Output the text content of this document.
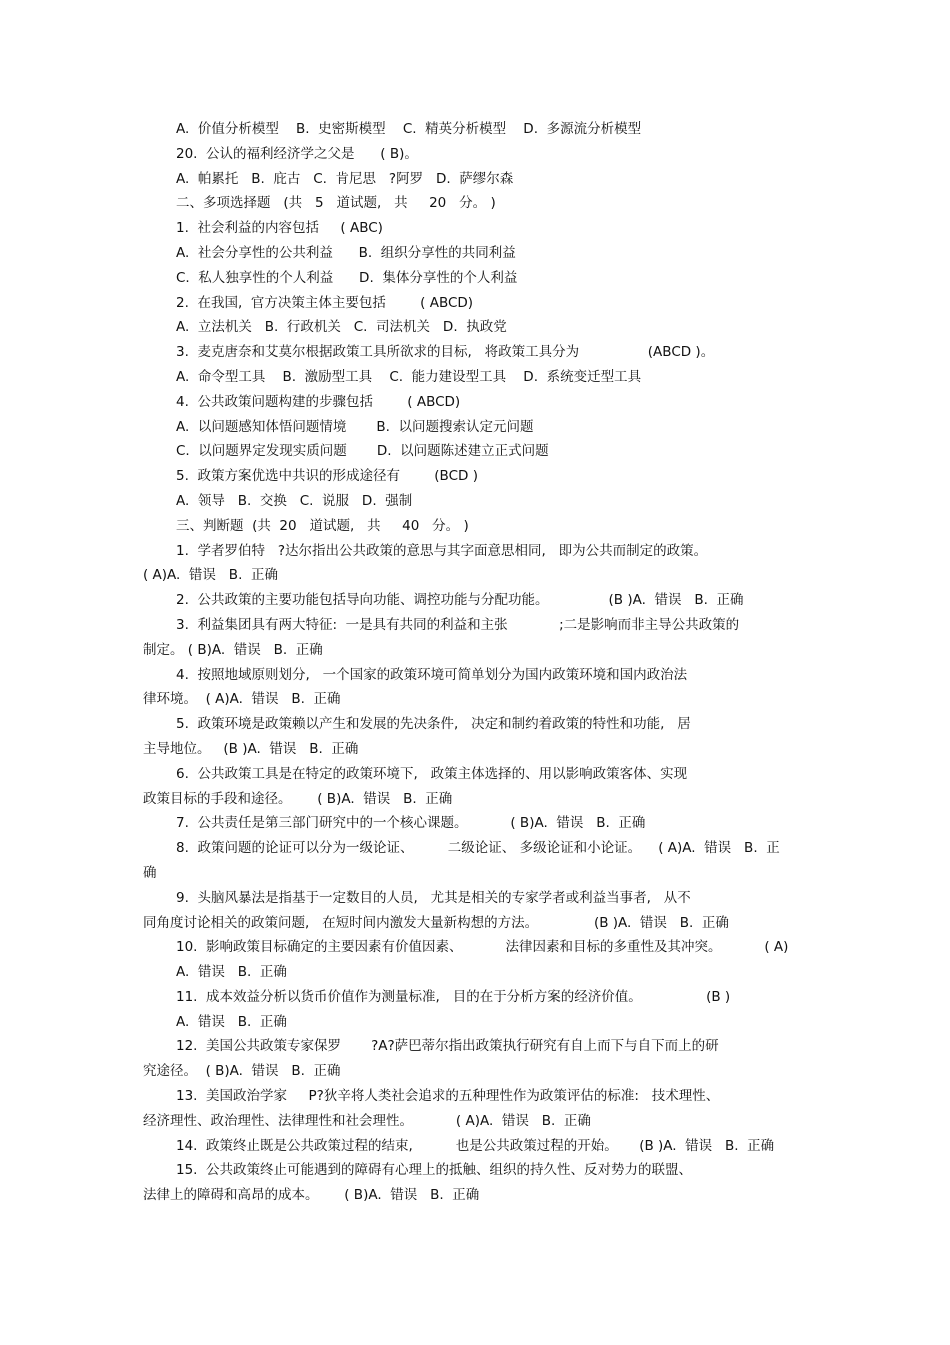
A.  价值分析模型    B.  史密斯模型    C.  精英分析模型    D.  多源流分析模型
20.  公认的福利经济学之父是      ( B)。
A.  帕累托   B.  庇古   C.  肯尼思   ?阿罗   D.  萨缪尔森
二、多项选择题   (共   5   道试题,   共     20   分。 )
1.  社会利益的内容包括     ( ABC)
A.  社会分享性的公共利益      B.  组织分享性的共同利益
C.  私人独享性的个人利益      D.  集体分享性的个人利益
2.  在我国,  官方决策主体主要包括        ( ABCD)
A.  立法机关   B.  行政机关   C.  司法机关   D.  执政党
3.  麦克唐奈和艾莫尔根据政策工具所欲求的目标,   将政策工具分为                (ABCD )。
A.  命令型工具    B.  激励型工具    C.  能力建设型工具    D.  系统变迁型工具
4.  公共政策问题构建的步骤包括        ( ABCD)
A.  以问题感知体悟问题情境       B.  以问题搜索认定元问题
C.  以问题界定发现实质问题       D.  以问题陈述建立正式问题
5.  政策方案优选中共识的形成途径有        (BCD )
A.  领导   B.  交换   C.  说服   D.  强制
三、判断题  (共  20   道试题,   共     40   分。 )
1.  学者罗伯特   ?达尔指出公共政策的意思与其字面意思相同,   即为公共而制定的政策。
( A)A.  错误   B.  正确
2.  公共政策的主要功能包括导向功能、调控功能与分配功能。              (B )A.  错误   B.  正确
3.  利益集团具有两大特征:  一是具有共同的利益和主张            ;二是影响而非主导公共政策的
制定。 ( B)A.  错误   B.  正确
4.  按照地域原则划分,   一个国家的政策环境可简单划分为国内政策环境和国内政治法
律环境。  ( A)A.  错误   B.  正确
5.  政策环境是政策赖以产生和发展的先决条件,   决定和制约着政策的特性和功能,   居
主导地位。   (B )A.  错误   B.  正确
6.  公共政策工具是在特定的政策环境下,   政策主体选择的、用以影响政策客体、实现
政策目标的手段和途径。      ( B)A.  错误   B.  正确
7.  公共责任是第三部门研究中的一个核心课题。          ( B)A.  错误   B.  正确
8.  政策问题的论证可以分为一级论证、        二级论证、 多级论证和小论证。    ( A)A.  错误   B.  正
确
9.  头脑风暴法是指基于一定数目的人员,   尤其是相关的专家学者或利益当事者,   从不
同角度讨论相关的政策问题,   在短时间内激发大量新构想的方法。             (B )A.  错误   B.  正确
10.  影响政策目标确定的主要因素有价值因素、          法律因素和目标的多重性及其冲突。          ( A)
A.  错误   B.  正确
11.  成本效益分析以货币价值作为测量标准,   目的在于分析方案的经济价值。               (B )
A.  错误   B.  正确
12.  美国公共政策专家保罗       ?A?萨巴蒂尔指出政策执行研究有自上而下与自下而上的研
究途径。  ( B)A.  错误   B.  正确
13.  美国政治学家     P?狄辛将人类社会追求的五种理性作为政策评估的标准:   技术理性、
经济理性、政治理性、法律理性和社会理性。          ( A)A.  错误   B.  正确
14.  政策终止既是公共政策过程的结束,          也是公共政策过程的开始。     (B )A.  错误   B.  正确
15.  公共政策终止可能遇到的障碍有心理上的抵触、组织的持久性、反对势力的联盟、
法律上的障碍和高昂的成本。      ( B)A.  错误   B.  正确
